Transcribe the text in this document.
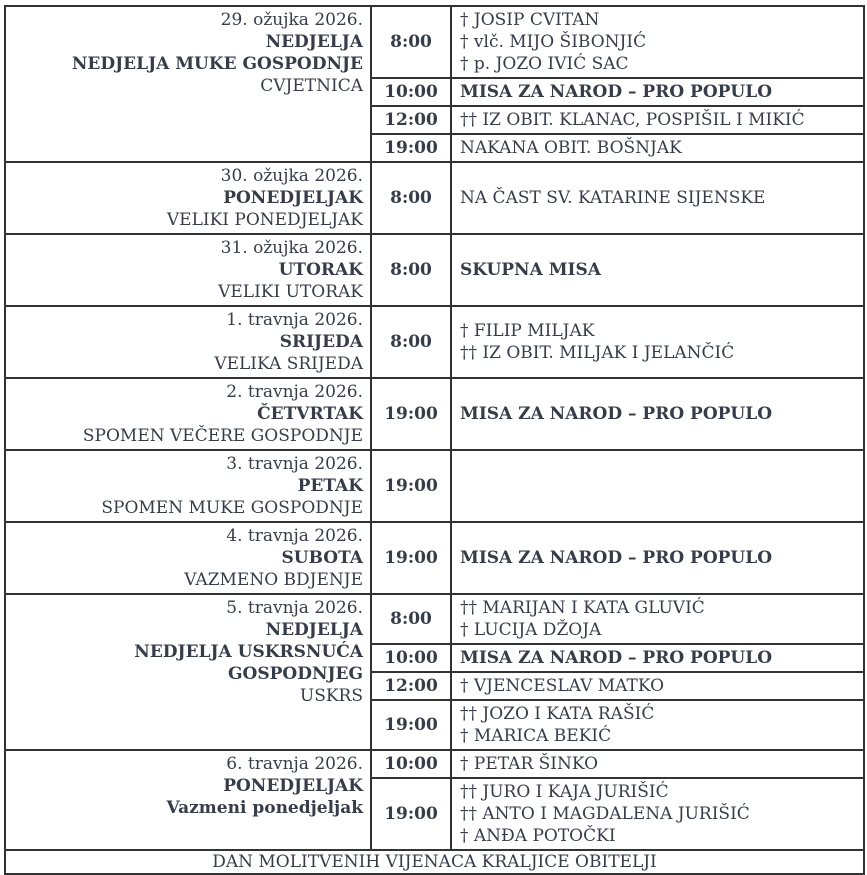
29. ožujka 2026.
NEDJELJA
NEDJELJA MUKE GOSPODNJE
CVJETNICA
	8:00	
† JOSIP CVITAN
† vlč. MIJO ŠIBONJIĆ
† p. JOZO IVIĆ SAC

	10:00	MISA ZA NAROD – PRO POPULO

	12:00	†† IZ OBIT. KLANAC, POSPIŠIL I MIKIĆ

	19:00	NAKANA OBIT. BOŠNJAK

30. ožujka 2026.
PONEDJELJAK
VELIKI PONEDJELJAK	8:00	NA ČAST SV. KATARINE SIJENSKE

31. ožujka 2026.
UTORAK
VELIKI UTORAK	8:00	SKUPNA MISA

1. travnja 2026.
SRIJEDA
VELIKA SRIJEDA
	8:00	
† FILIP MILJAK
†† IZ OBIT. MILJAK I JELANČIĆ

2. travnja 2026.
ČETVRTAK
SPOMEN VEČERE GOSPODNJE	19:00	MISA ZA NAROD – PRO POPULO

3. travnja 2026.
PETAK
SPOMEN MUKE GOSPODNJE	19:00	

4. travnja 2026.
SUBOTA
VAZMENO BDJENJE	19:00	MISA ZA NAROD – PRO POPULO

5. travnja 2026.
NEDJELJA
NEDJELJA USKRSNUĆA
GOSPODNJEG
USKRS
	8:00	
†† MARIJAN I KATA GLUVIĆ
† LUCIJA DŽOJA

	10:00	MISA ZA NAROD – PRO POPULO

	12:00	† VJENCESLAV MATKO

	19:00	†† JOZO I KATA RAŠIĆ
† MARICA BEKIĆ

6. travnja 2026.
PONEDJELJAK
Vazmeni ponedjeljak	10:00	† PETAR ŠINKO

	19:00	†† JURO I KAJA JURIŠIĆ
†† ANTO I MAGDALENA JURIŠIĆ
† ANĐA POTOČKI

DAN MOLITVENIH VIJENACA KRALJICE OBITELJI		
